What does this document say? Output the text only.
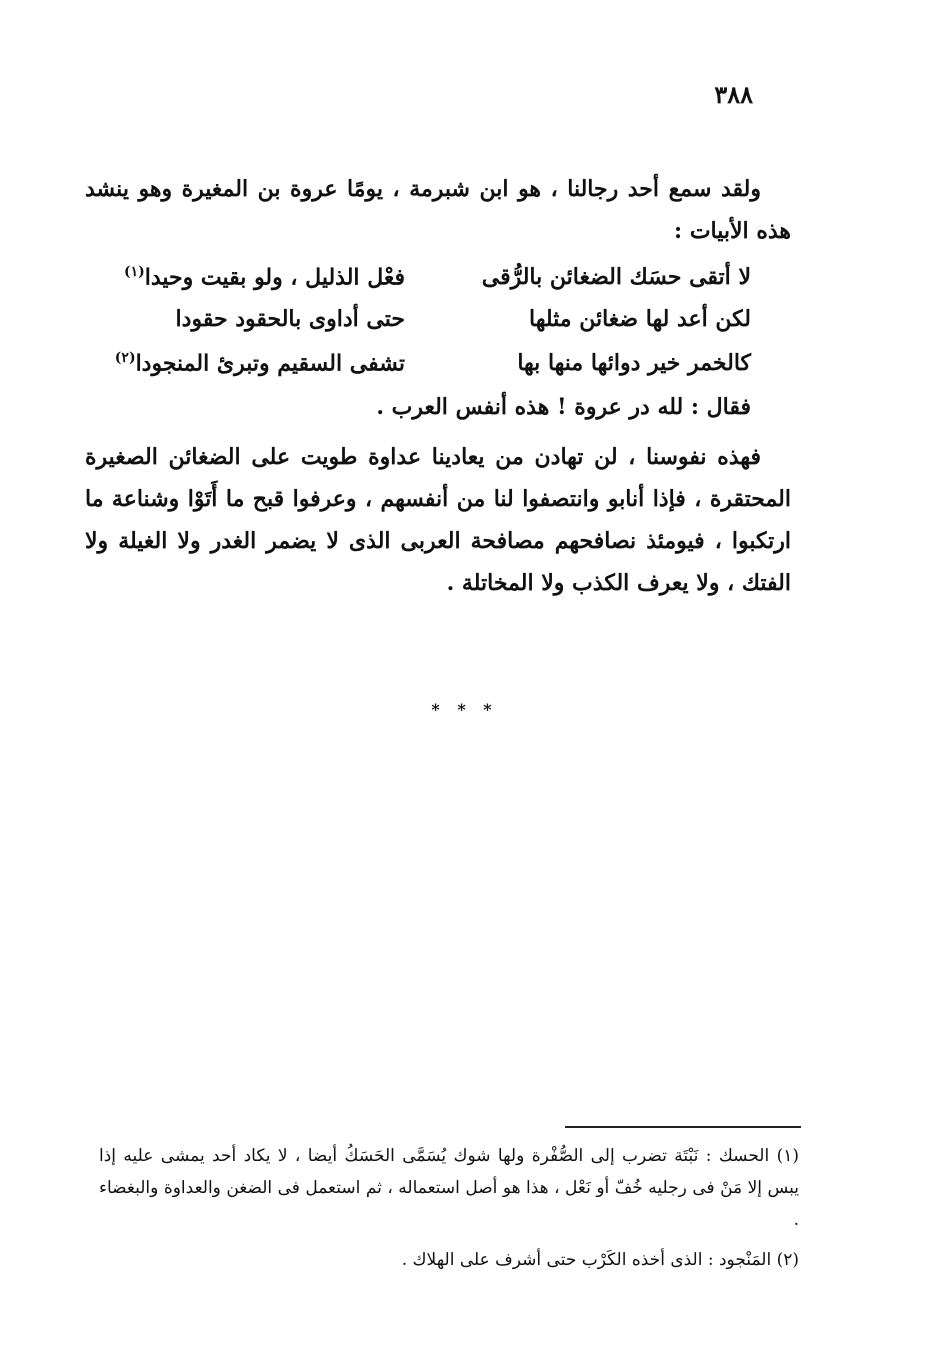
٣٨٨

ولقد سمع أحد رجالنا ، هو ابن شبرمة ، يومًا عروة بن المغيرة وهو ينشد هذه الأبيات :

لا أتقى حسَك الضغائن بالرُّقى
فعْل الذليل ، ولو بقيت وحيدا$^{(١)}$
لكن أعد لها ضغائن مثلها
حتى أداوى بالحقود حقودا
كالخمر خير دوائها منها بها
تشفى السقيم وتبرئ المنجودا$^{(٢)}$

فقال : لله در عروة ! هذه أنفس العرب .

فهذه نفوسنا ، لن تهادن من يعادينا عداوة طويت على الضغائن الصغيرة المحتقرة ، فإذا أنابو وانتصفوا لنا من أنفسهم ، وعرفوا قبح ما أَتَوْا وشناعة ما ارتكبوا ، فيومئذ نصافحهم مصافحة العربى الذى لا يضمر الغدر ولا الغيلة ولا الفتك ، ولا يعرف الكذب ولا المخاتلة .

* * *
(١) الحسك : نَبْتَة تضرب إلى الصُّفْرة ولها شوك يُسَمَّى الحَسَكُ أيضا ، لا يكاد أحد يمشى عليه إذا يبس إلا مَنْ فى رجليه خُفّ أو نَعْل ، هذا هو أصل استعماله ، ثم استعمل فى الضغن والعداوة والبغضاء .
(٢) المَنْجود : الذى أخذه الكَرْب حتى أشرف على الهلاك .
